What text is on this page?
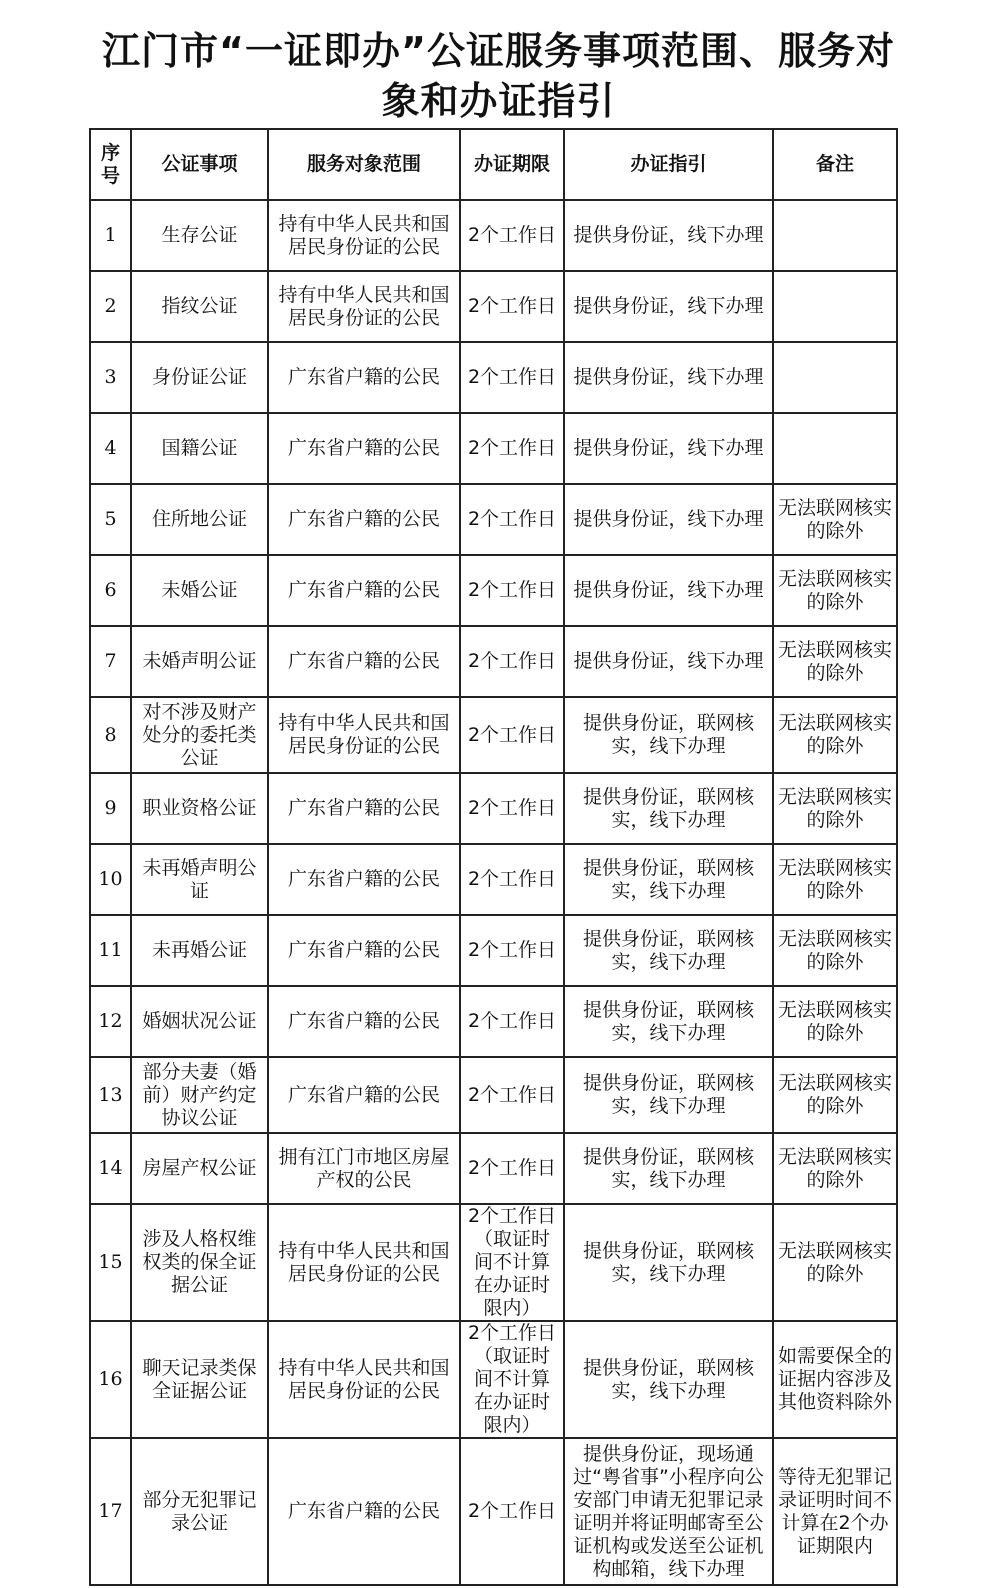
江门市“一证即办”公证服务事项范围、服务对
象和办证指引
序号	公证事项	服务对象范围	办证期限	办证指引	备注
1	生存公证	持有中华人民共和国居民身份证的公民	2个工作日	提供身份证，线下办理	
2	指纹公证	持有中华人民共和国居民身份证的公民	2个工作日	提供身份证，线下办理	
3	身份证公证	广东省户籍的公民	2个工作日	提供身份证，线下办理	
4	国籍公证	广东省户籍的公民	2个工作日	提供身份证，线下办理	
5	住所地公证	广东省户籍的公民	2个工作日	提供身份证，线下办理	无法联网核实的除外
6	未婚公证	广东省户籍的公民	2个工作日	提供身份证，线下办理	无法联网核实的除外
7	未婚声明公证	广东省户籍的公民	2个工作日	提供身份证，线下办理	无法联网核实的除外
8	对不涉及财产处分的委托类公证	持有中华人民共和国居民身份证的公民	2个工作日	提供身份证，联网核实，线下办理	无法联网核实的除外
9	职业资格公证	广东省户籍的公民	2个工作日	提供身份证，联网核实，线下办理	无法联网核实的除外
10	未再婚声明公证	广东省户籍的公民	2个工作日	提供身份证，联网核实，线下办理	无法联网核实的除外
11	未再婚公证	广东省户籍的公民	2个工作日	提供身份证，联网核实，线下办理	无法联网核实的除外
12	婚姻状况公证	广东省户籍的公民	2个工作日	提供身份证，联网核实，线下办理	无法联网核实的除外
13	部分夫妻（婚前）财产约定协议公证	广东省户籍的公民	2个工作日	提供身份证，联网核实，线下办理	无法联网核实的除外
14	房屋产权公证	拥有江门市地区房屋产权的公民	2个工作日	提供身份证，联网核实，线下办理	无法联网核实的除外
15	涉及人格权维权类的保全证据公证	持有中华人民共和国居民身份证的公民	2个工作日（取证时间不计算在办证时限内）	提供身份证，联网核实，线下办理	无法联网核实的除外
16	聊天记录类保全证据公证	持有中华人民共和国居民身份证的公民	2个工作日（取证时间不计算在办证时限内）	提供身份证，联网核实，线下办理	如需要保全的证据内容涉及其他资料除外
17	部分无犯罪记录公证	广东省户籍的公民	2个工作日	提供身份证，现场通过“粤省事”小程序向公安部门申请无犯罪记录证明并将证明邮寄至公证机构或发送至公证机构邮箱，线下办理	等待无犯罪记录证明时间不计算在2个办证期限内
